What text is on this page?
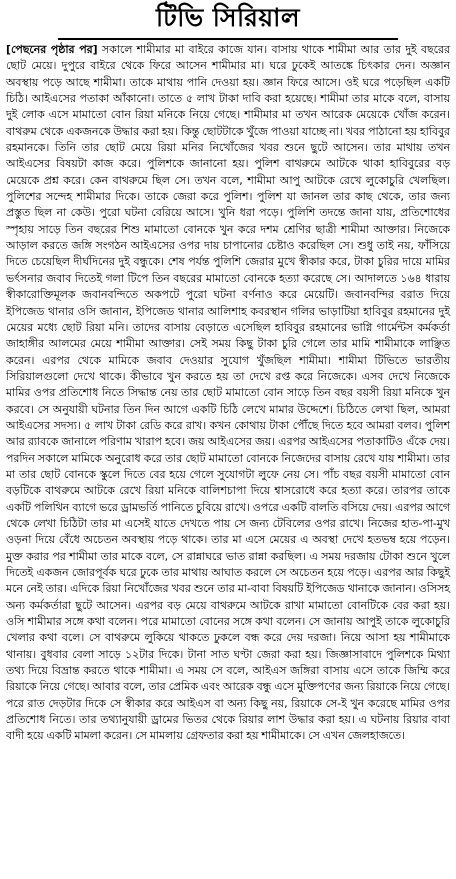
টিভি সিরিয়াল
[পেছনের পৃষ্ঠার পর] সকালে শামীমার মা বাইরে কাজে যান। বাসায় থাকে শামীমা আর তার দুই বছরের ছোট মেয়ে। দুপুরে বাইরে থেকে ফিরে আসেন শামীমার মা। ঘরে ঢুকেই আতঙ্কে চিৎকার দেন। অজ্ঞান অবস্থায় পড়ে আছে শামীমা। তাকে মাথায় পানি দেওয়া হয়। জ্ঞান ফিরে আসে। ওই ঘরে পড়েছিল একটি চিঠি। আইএসের পতাকা আঁকানো। তাতে ৫ লাখ টাকা দাবি করা হয়েছে। শামীমা তার মাকে বলে, বাসায় দুই লোক এসে মামাতো বোন রিয়া মনিকে নিয়ে গেছে। শামীমার মা তখন আরেক মেয়েকে খোঁজ করেন। বাথরুম থেকে একজনকে উদ্ধার করা হয়। কিন্তু ছোটটাকে খুঁজে পাওয়া যাচ্ছে না। খবর পাঠানো হয় হাবিবুর রহমানকে। তিনি তার ছোট মেয়ে রিয়া মনির নিখোঁজের খবর শুনে ছুটে আসেন। তার মাথায় তখন আইএসের বিষয়টা কাজ করে। পুলিশকে জানানো হয়। পুলিশ বাথরুমে আটকে থাকা হাবিবুরের বড় মেয়েকে প্রশ্ন করে। কেন বাথরুমে ছিল সে। তখন বলে, শামীমা আপু আটকে রেখে লুকোচুরি খেলছিল। পুলিশের সন্দেহ শামীমার দিকে। তাকে জেরা করে পুলিশ। পুলিশ যা জানল তার কাছ থেকে, তার জন্য প্রস্তুত ছিল না কেউ। পুরো ঘটনা বেরিয়ে আসে। খুনি ধরা পড়ে। পুলিশি তদন্তে জানা যায়, প্রতিশোধের স্পৃহায় সাড়ে তিন বছরের শিশু মামাতো বোনকে খুন করে দশম শ্রেণির ছাত্রী শামীমা আক্তার। নিজেকে আড়াল করতে জঙ্গি সংগঠন আইএসের ওপর দায় চাপানোর চেষ্টাও করেছিল সে। শুধু তাই নয়, ফাঁসিয়ে দিতে চেয়েছিল দীর্ঘদিনের দুই বন্ধুকে। শেষ পর্যন্ত পুলিশি জেরার মুখে স্বীকার করে, টাকা চুরির দায়ে মামির ভর্ৎসনার জবাব দিতেই গলা টিপে তিন বছরের মামাতো বোনকে হত্যা করেছে সে। আদালতে ১৬৪ ধারায় স্বীকারোক্তিমূলক জবানবন্দিতে অকপটে পুরো ঘটনা বর্ণনাও করে মেয়েটি। জবানবন্দির বরাত দিয়ে ইপিজেড থানার ওসি জানান, ইপিজেড থানার আলিশাহ কবরস্থান গলির ভাড়াটিয়া হাবিবুর রহমানের দুই মেয়ের মধ্যে ছোট রিয়া মনি। তাদের বাসায় বেড়াতে এসেছিল হাবিবুর রহমানের ভাগ্নি গার্মেন্টস কর্মকর্তা জাহাঙ্গীর আলমের মেয়ে শামীমা আক্তার। সেই সময় কিছু টাকা চুরি গেলে তার মামি শামীমাকে লাঞ্ছিত করেন। এরপর থেকে মামিকে জবাব দেওয়ার সুযোগ খুঁজছিল শামীমা। শামীমা টিভিতে ভারতীয় সিরিয়ালগুলো দেখে থাকে। কীভাবে খুন করতে হয় তা দেখে রপ্ত করে নিজেকে। এসব দেখে নিজেকে মামির ওপর প্রতিশোধ নিতে সিদ্ধান্ত নেয় তার ছোট মামাতো বোন সাড়ে তিন বছর বয়সী রিয়া মনিকে খুন করবে। সে অনুযায়ী ঘটনার তিন দিন আগে একটি চিঠি লেখে মামার উদ্দেশে। চিঠিতে লেখা ছিল, আমরা আইএসের সদস্য। ৫ লাখ টাকা রেডি করে রাখ। কখন কোথায় টাকা পৌঁছে দিতে হবে আমরা বলব। পুলিশ আর র‍্যাবকে জানালে পরিণাম খারাপ হবে। জয় আইএসের জয়। এরপর আইএসের পতাকাটিও এঁকে দেয়। পরদিন সকালে মামিকে অনুরোধ করে তার ছোট মামাতো বোনকে নিজেদের বাসায় রেখে যায় শামীমা। তার মা তার ছোট বোনকে স্কুলে দিতে বের হয়ে গেলে সুযোগটা লুফে নেয় সে। পাঁচ বছর বয়সী মামাতো বোন বড়টিকে বাথরুমে আটকে রেখে রিয়া মনিকে বালিশচাপা দিয়ে শ্বাসরোধে করে হত্যা করে। তারপর তাকে একটি পলিথিন ব্যাগে ভরে ড্রামভর্তি পানিতে চুবিয়ে রাখে। ওপরে একটি বালতি বসিয়ে দেয়। এরপর আগে থেকে লেখা চিঠিটা তার মা এসেই যাতে দেখতে পায় সে জন্য টেবিলের ওপর রাখে। নিজের হাত-পা-মুখ ওড়না দিয়ে বেঁধে অচেতন অবস্থায় পড়ে থাকে। তার মা এসে মেয়ের এ অবস্থা দেখে হতভম্ব হয়ে পড়েন। মুক্ত করার পর শামীমা তার মাকে বলে, সে রান্নাঘরে ভাত রান্না করছিল। এ সময় দরজায় টোকা শুনে খুলে দিতেই একজন জোরপূর্বক ঘরে ঢুকে তার মাথায় আঘাত করলে সে অচেতন হয়ে পড়ে। এরপর আর কিছুই মনে নেই তার। এদিকে রিয়া নিখোঁজের খবর শুনে তার মা-বাবা বিষয়টি ইপিজেড থানাকে জানান। ওসিসহ অন্য কর্মকর্তারা ছুটে আসেন। এরপর বড় মেয়ে বাথরুমে আটকে রাখা মামাতো বোনটিকে বের করা হয়। ওসি শামীমার সঙ্গে কথা বলেন। পরে মামাতো বোনের সঙ্গে কথা বলেন। সে জানায় আপুই তাকে লুকোচুরি খেলার কথা বলে। সে বাথরুমে লুকিয়ে থাকতে ঢুকলে বন্ধ করে দেয় দরজা। নিয়ে আসা হয় শামীমাকে থানায়। বুধবার বেলা সাড়ে ১২টার দিকে। টানা সাত ঘণ্টা জেরা করা হয়। জিজ্ঞাসাবাদে পুলিশকে মিথ্যা তথ্য দিয়ে বিভ্রান্ত করতে থাকে শামীমা। এ সময় সে বলে, আইএস জঙ্গিরা বাসায় এসে তাকে জিম্মি করে রিয়াকে নিয়ে গেছে। আবার বলে, তার প্রেমিক এবং আরেক বন্ধু এসে মুক্তিপণের জন্য রিয়াকে নিয়ে গেছে। পরে রাত দেড়টার দিকে সে স্বীকার করে আইএস বা অন্য কিছু নয়, রিয়াকে সে-ই খুন করেছে মামির ওপর প্রতিশোধ নিতে। তার তথ্যানুযায়ী ড্রামের ভিতর থেকে রিয়ার লাশ উদ্ধার করা হয়। এ ঘটনায় রিয়ার বাবা বাদী হয়ে একটি মামলা করেন। সে মামলায় গ্রেফতার করা হয় শামীমাকে। সে এখন জেলহাজতে।
